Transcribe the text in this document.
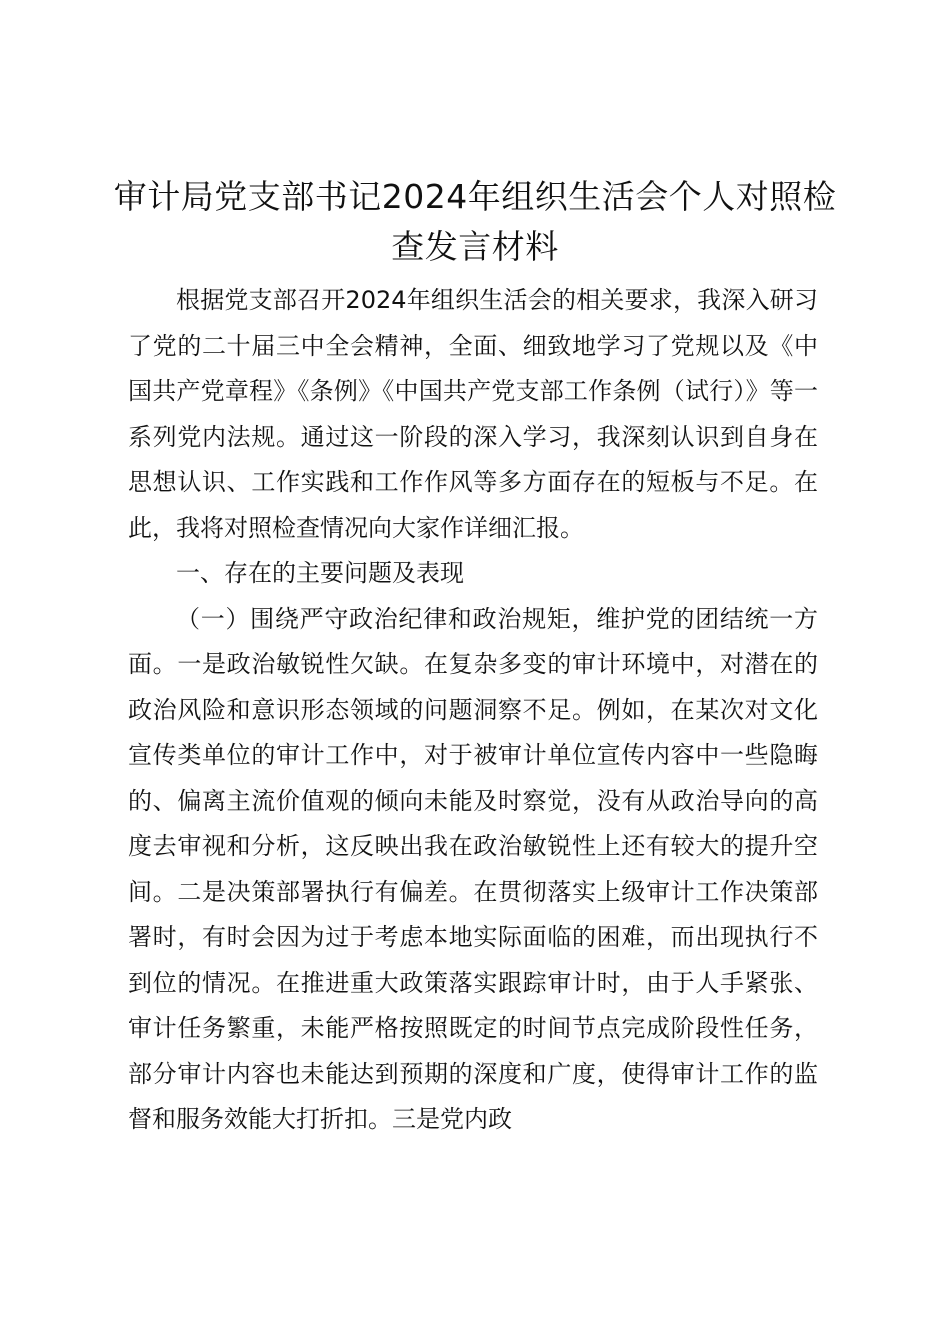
审计局党支部书记2024年组织生活会个人对照检查发言材料

根据党支部召开2024年组织生活会的相关要求，我深入研习了党的二十届三中全会精神，全面、细致地学习了党规以及《中国共产党章程》《条例》《中国共产党支部工作条例（试行）》等一系列党内法规。通过这一阶段的深入学习，我深刻认识到自身在思想认识、工作实践和工作作风等多方面存在的短板与不足。在此，我将对照检查情况向大家作详细汇报。

一、存在的主要问题及表现

（一）围绕严守政治纪律和政治规矩，维护党的团结统一方面。一是政治敏锐性欠缺。在复杂多变的审计环境中，对潜在的政治风险和意识形态领域的问题洞察不足。例如，在某次对文化宣传类单位的审计工作中，对于被审计单位宣传内容中一些隐晦的、偏离主流价值观的倾向未能及时察觉，没有从政治导向的高度去审视和分析，这反映出我在政治敏锐性上还有较大的提升空间。二是决策部署执行有偏差。在贯彻落实上级审计工作决策部署时，有时会因为过于考虑本地实际面临的困难，而出现执行不到位的情况。在推进重大政策落实跟踪审计时，由于人手紧张、审计任务繁重，未能严格按照既定的时间节点完成阶段性任务，部分审计内容也未能达到预期的深度和广度，使得审计工作的监督和服务效能大打折扣。三是党内政
